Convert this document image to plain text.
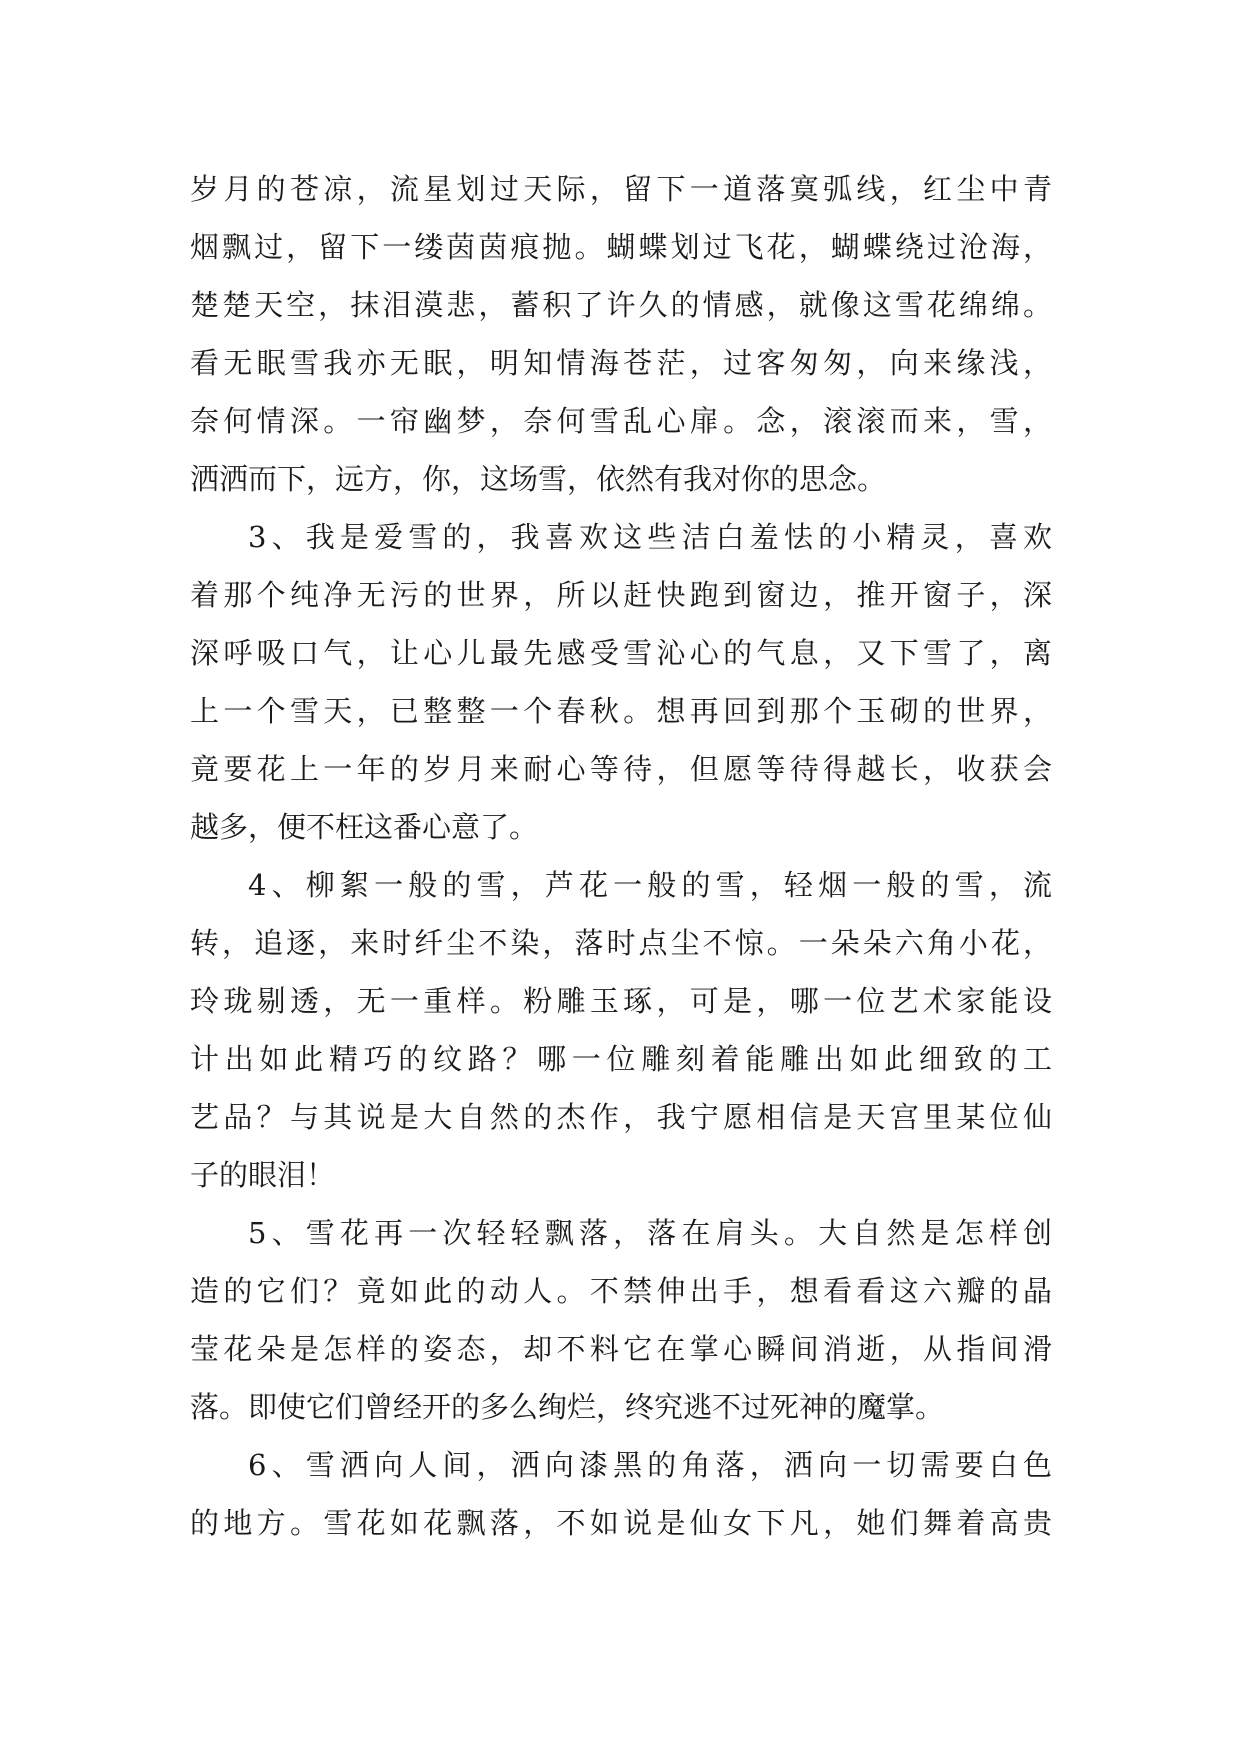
岁月的苍凉，流星划过天际，留下一道落寞弧线，红尘中青
烟飘过，留下一缕茵茵痕抛。蝴蝶划过飞花，蝴蝶绕过沧海，
楚楚天空，抹泪漠悲，蓄积了许久的情感，就像这雪花绵绵。
看无眠雪我亦无眠，明知情海苍茫，过客匆匆，向来缘浅，
奈何情深。一帘幽梦，奈何雪乱心扉。念，滚滚而来，雪，
洒洒而下，远方，你，这场雪，依然有我对你的思念。
3、我是爱雪的，我喜欢这些洁白羞怯的小精灵，喜欢
着那个纯净无污的世界，所以赶快跑到窗边，推开窗子，深
深呼吸口气，让心儿最先感受雪沁心的气息，又下雪了，离
上一个雪天，已整整一个春秋。想再回到那个玉砌的世界，
竟要花上一年的岁月来耐心等待，但愿等待得越长，收获会
越多，便不枉这番心意了。
4、柳絮一般的雪，芦花一般的雪，轻烟一般的雪，流
转，追逐，来时纤尘不染，落时点尘不惊。一朵朵六角小花，
玲珑剔透，无一重样。粉雕玉琢，可是，哪一位艺术家能设
计出如此精巧的纹路？哪一位雕刻着能雕出如此细致的工
艺品？与其说是大自然的杰作，我宁愿相信是天宫里某位仙
子的眼泪！
5、雪花再一次轻轻飘落，落在肩头。大自然是怎样创
造的它们？竟如此的动人。不禁伸出手，想看看这六瓣的晶
莹花朵是怎样的姿态，却不料它在掌心瞬间消逝，从指间滑
落。即使它们曾经开的多么绚烂，终究逃不过死神的魔掌。
6、雪洒向人间，洒向漆黑的角落，洒向一切需要白色
的地方。雪花如花飘落，不如说是仙女下凡，她们舞着高贵
